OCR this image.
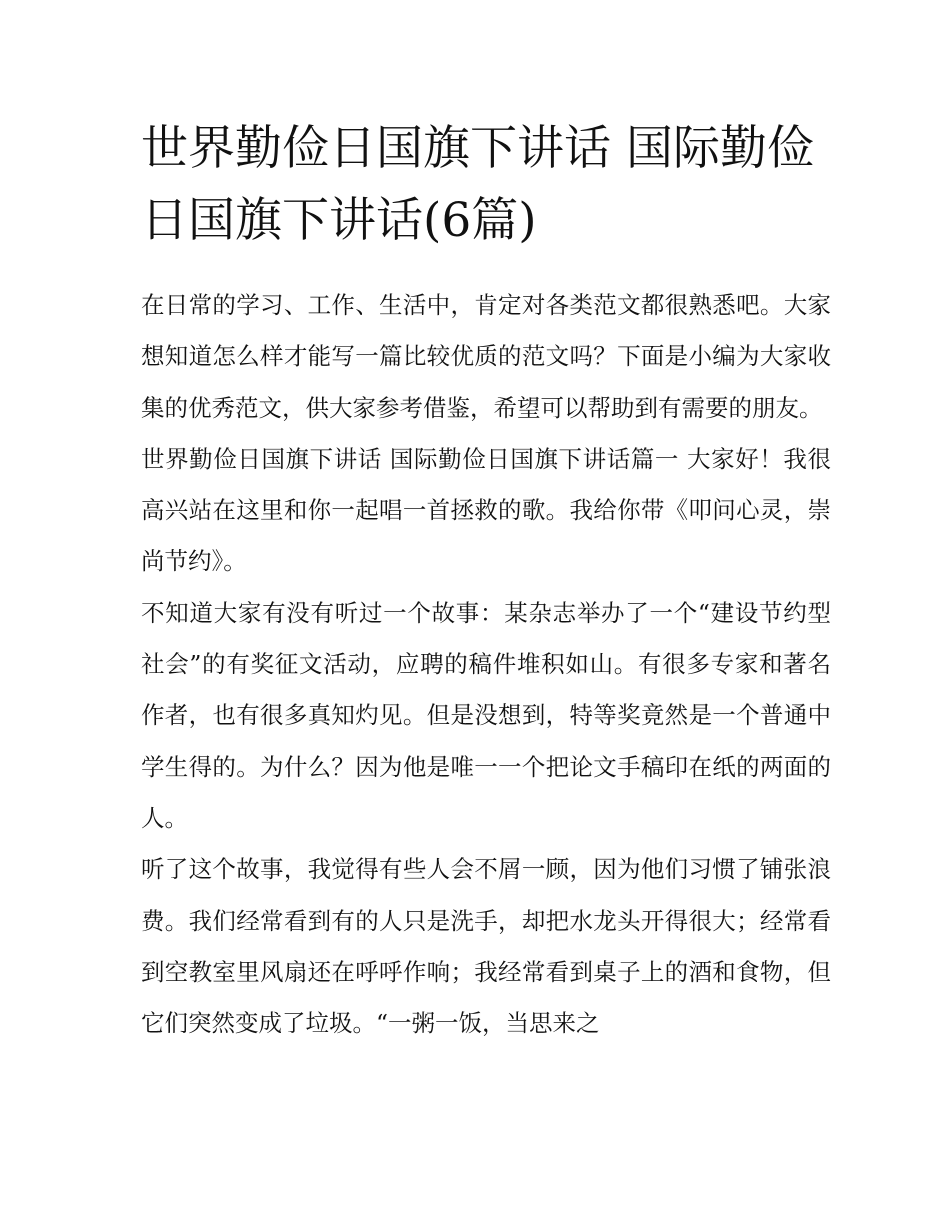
世界勤俭日国旗下讲话 国际勤俭日国旗下讲话(6篇)

在日常的学习、工作、生活中，肯定对各类范文都很熟悉吧。大家想知道怎么样才能写一篇比较优质的范文吗？下面是小编为大家收集的优秀范文，供大家参考借鉴，希望可以帮助到有需要的朋友。

世界勤俭日国旗下讲话 国际勤俭日国旗下讲话篇一 大家好！我很高兴站在这里和你一起唱一首拯救的歌。我给你带《叩问心灵，崇尚节约》。

不知道大家有没有听过一个故事：某杂志举办了一个“建设节约型社会”的有奖征文活动，应聘的稿件堆积如山。有很多专家和著名作者，也有很多真知灼见。但是没想到，特等奖竟然是一个普通中学生得的。为什么？因为他是唯一一个把论文手稿印在纸的两面的人。

听了这个故事，我觉得有些人会不屑一顾，因为他们习惯了铺张浪费。我们经常看到有的人只是洗手，却把水龙头开得很大；经常看到空教室里风扇还在呼呼作响；我经常看到桌子上的酒和食物，但它们突然变成了垃圾。“一粥一饭，当思来之
